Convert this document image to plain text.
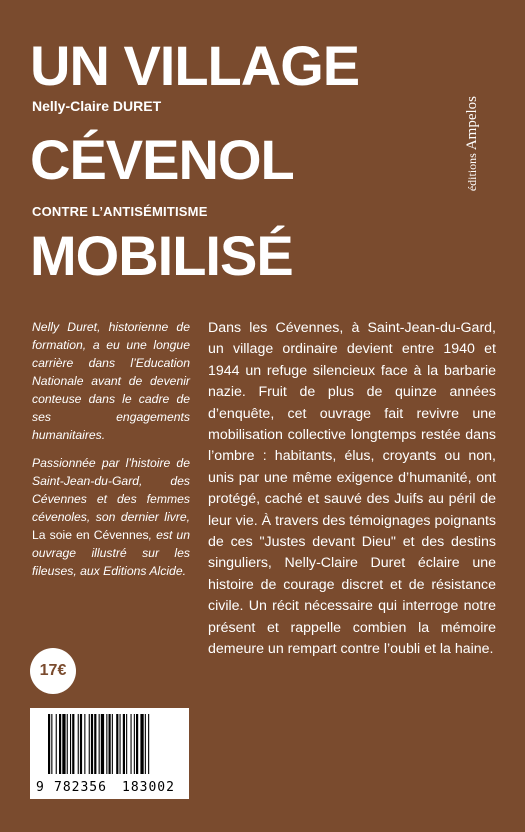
UN VILLAGE
Nelly-Claire DURET
CÉVENOL
CONTRE L’ANTISÉMITISME
MOBILISÉ
éditions Ampelos

Nelly Duret, historienne de formation, a eu une longue carrière dans l’Education Nationale avant de devenir conteuse dans le cadre de ses engagements humanitaires.

Passionnée par l’histoire de Saint-Jean-du-Gard, des Cévennes et des femmes cévenoles, son dernier livre, La soie en Cévennes, est un ouvrage illustré sur les fileuses, aux Editions Alcide.

Dans les Cévennes, à Saint-Jean-du-Gard, un village ordinaire devient entre 1940 et 1944 un refuge silencieux face à la barbarie nazie. Fruit de plus de quinze années d’enquête, cet ouvrage fait revivre une mobilisation collective longtemps restée dans l’ombre : habitants, élus, croyants ou non, unis par une même exigence d’humanité, ont protégé, caché et sauvé des Juifs au péril de leur vie. À travers des témoignages poignants de ces "Justes devant Dieu" et des destins singuliers, Nelly-Claire Duret éclaire une histoire de courage discret et de résistance civile. Un récit nécessaire qui interroge notre présent et rappelle combien la mémoire demeure un rempart contre l’oubli et la haine.

17€
9 782356 183002
